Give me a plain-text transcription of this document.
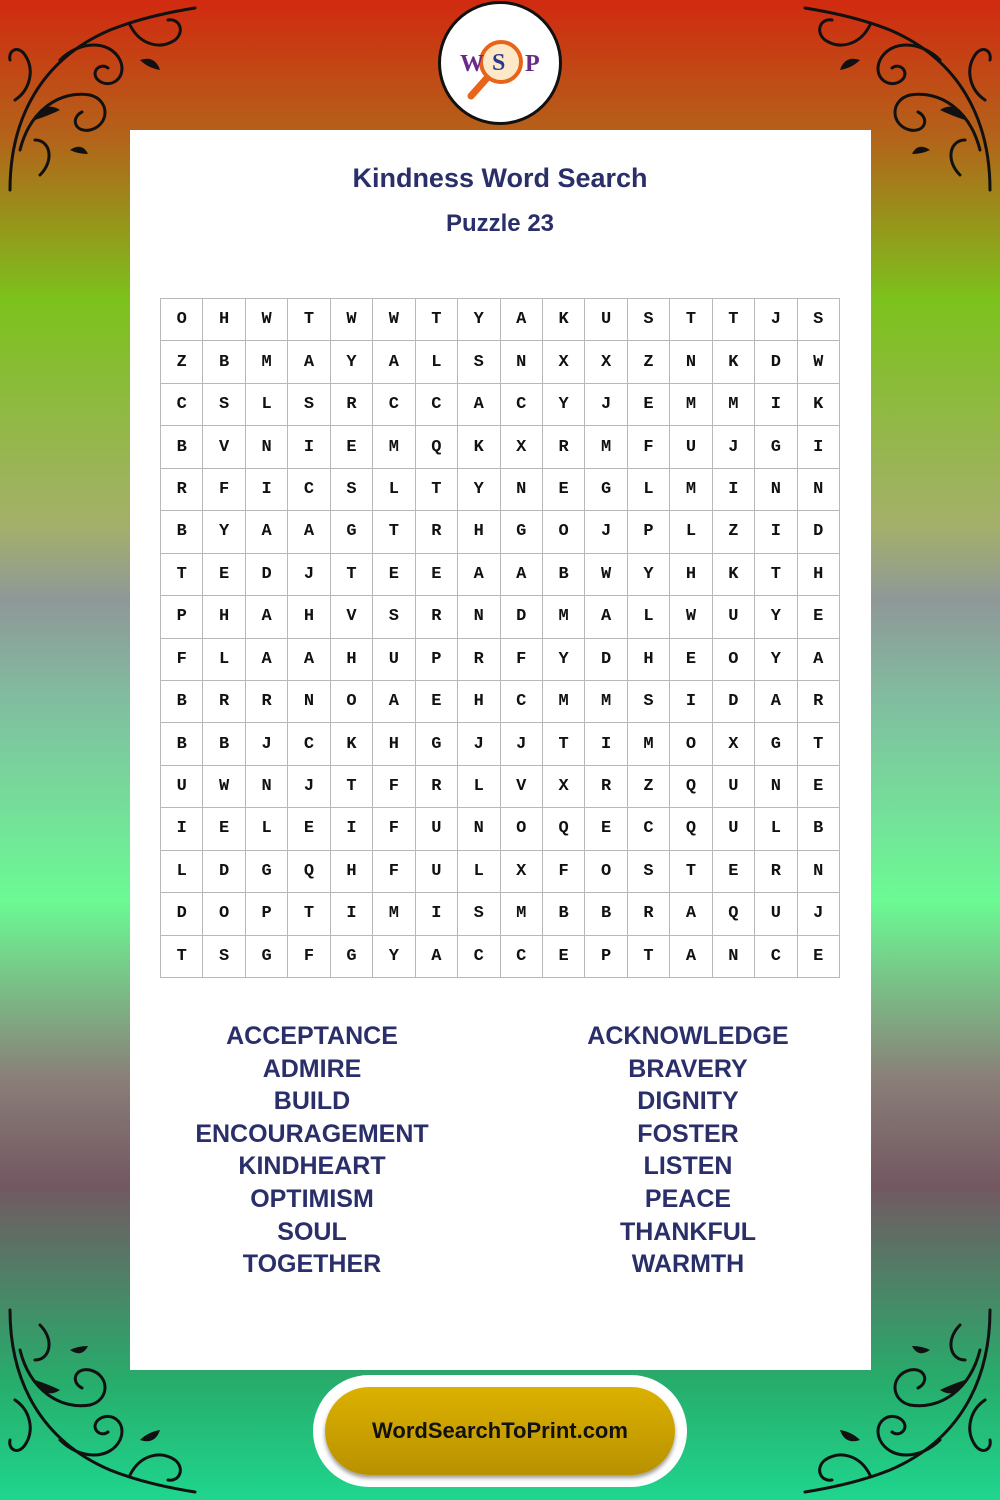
W S P
Kindness Word Search
Puzzle 23
O	H	W	T	W	W	T	Y	A	K	U	S	T	T	J	S
Z	B	M	A	Y	A	L	S	N	X	X	Z	N	K	D	W
C	S	L	S	R	C	C	A	C	Y	J	E	M	M	I	K
B	V	N	I	E	M	Q	K	X	R	M	F	U	J	G	I
R	F	I	C	S	L	T	Y	N	E	G	L	M	I	N	N
B	Y	A	A	G	T	R	H	G	O	J	P	L	Z	I	D
T	E	D	J	T	E	E	A	A	B	W	Y	H	K	T	H
P	H	A	H	V	S	R	N	D	M	A	L	W	U	Y	E
F	L	A	A	H	U	P	R	F	Y	D	H	E	O	Y	A
B	R	R	N	O	A	E	H	C	M	M	S	I	D	A	R
B	B	J	C	K	H	G	J	J	T	I	M	O	X	G	T
U	W	N	J	T	F	R	L	V	X	R	Z	Q	U	N	E
I	E	L	E	I	F	U	N	O	Q	E	C	Q	U	L	B
L	D	G	Q	H	F	U	L	X	F	O	S	T	E	R	N
D	O	P	T	I	M	I	S	M	B	B	R	A	Q	U	J
T	S	G	F	G	Y	A	C	C	E	P	T	A	N	C	E
ACCEPTANCE
ADMIRE
BUILD
ENCOURAGEMENT
KINDHEART
OPTIMISM
SOUL
TOGETHER
ACKNOWLEDGE
BRAVERY
DIGNITY
FOSTER
LISTEN
PEACE
THANKFUL
WARMTH
WordSearchToPrint.com
